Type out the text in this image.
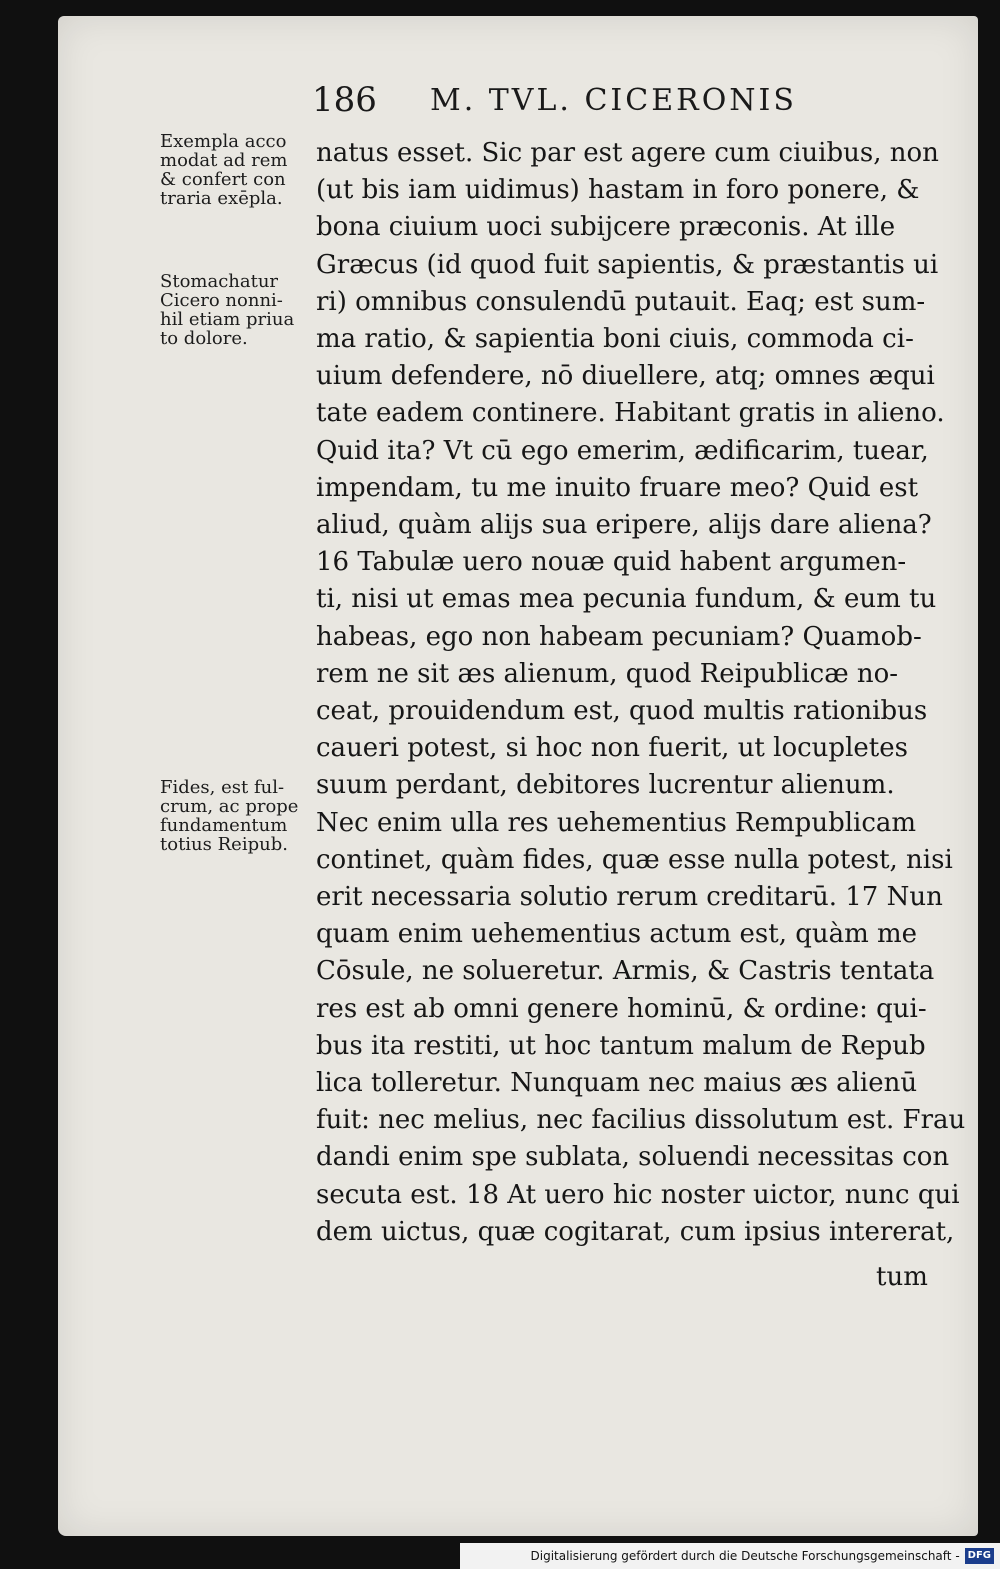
186 M. TVL. CICERONIS
Exempla acco
modat ad rem
& confert con
traria exēpla.
Stomachatur
Cicero nonni-
hil etiam priua
to dolore.
Fides, est ful-
crum, ac prope
fundamentum
totius Reipub.
natus esset. Sic par est agere cum ciuibus, non
(ut bis iam uidimus) hastam in foro ponere, &
bona ciuium uoci subijcere præconis. At ille
Græcus (id quod fuit sapientis, & præstantis ui
ri) omnibus consulendū putauit. Eaq; est sum-
ma ratio, & sapientia boni ciuis, commoda ci-
uium defendere, nō diuellere, atq; omnes æqui
tate eadem continere. Habitant gratis in alieno.
Quid ita? Vt cū ego emerim, ædificarim, tuear,
impendam, tu me inuito fruare meo? Quid est
aliud, quàm alijs sua eripere, alijs dare aliena?
16 Tabulæ uero nouæ quid habent argumen-
ti, nisi ut emas mea pecunia fundum, & eum tu
habeas, ego non habeam pecuniam? Quamob-
rem ne sit æs alienum, quod Reipublicæ no-
ceat, prouidendum est, quod multis rationibus
caueri potest, si hoc non fuerit, ut locupletes
suum perdant, debitores lucrentur alienum.
Nec enim ulla res uehementius Rempublicam
continet, quàm fides, quæ esse nulla potest, nisi
erit necessaria solutio rerum creditarū. 17 Nun
quam enim uehementius actum est, quàm me
Cōsule, ne solueretur. Armis, & Castris tentata
res est ab omni genere hominū, & ordine: qui-
bus ita restiti, ut hoc tantum malum de Repub
lica tolleretur. Nunquam nec maius æs alienū
fuit: nec melius, nec facilius dissolutum est. Frau
dandi enim spe sublata, soluendi necessitas con
secuta est. 18 At uero hic noster uictor, nunc qui
dem uictus, quæ cogitarat, cum ipsius intererat,
tum
Digitalisierung gefördert durch die Deutsche Forschungsgemeinschaft - DFG
